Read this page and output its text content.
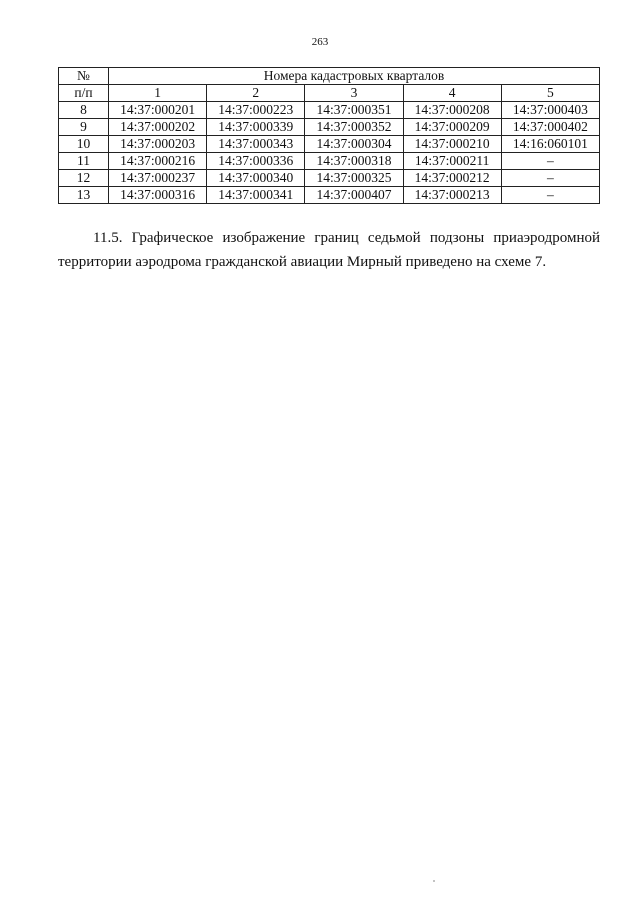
263
№	Номера кадастровых кварталов				
п/п	1	2	3	4	5
8	14:37:000201	14:37:000223	14:37:000351	14:37:000208	14:37:000403
9	14:37:000202	14:37:000339	14:37:000352	14:37:000209	14:37:000402
10	14:37:000203	14:37:000343	14:37:000304	14:37:000210	14:16:060101
11	14:37:000216	14:37:000336	14:37:000318	14:37:000211	–
12	14:37:000237	14:37:000340	14:37:000325	14:37:000212	–
13	14:37:000316	14:37:000341	14:37:000407	14:37:000213	–
11.5. Графическое изображение границ седьмой подзоны приаэродромной
территории аэродрома гражданской авиации Мирный приведено на схеме 7.
